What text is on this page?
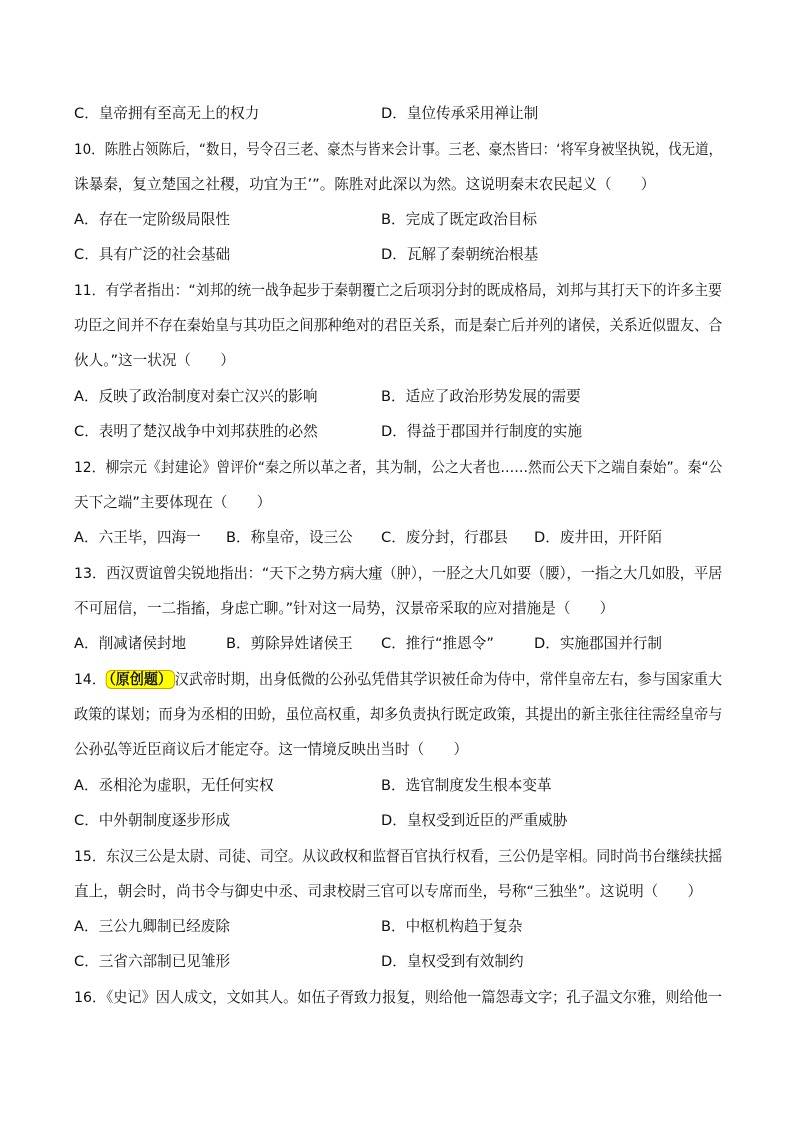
C．皇帝拥有至高无上的权力	D．皇位传承采用禅让制
10．陈胜占领陈后，“数日，号令召三老、豪杰与皆来会计事。三老、豪杰皆曰：‘将军身被坚执锐，伐无道，
诛暴秦，复立楚国之社稷，功宜为王’”。陈胜对此深以为然。这说明秦末农民起义（　　）
A．存在一定阶级局限性	B．完成了既定政治目标
C．具有广泛的社会基础	D．瓦解了秦朝统治根基
11．有学者指出：“刘邦的统一战争起步于秦朝覆亡之后项羽分封的既成格局，刘邦与其打天下的许多主要
功臣之间并不存在秦始皇与其功臣之间那种绝对的君臣关系，而是秦亡后并列的诸侯，关系近似盟友、合
伙人。”这一状况（　　）
A．反映了政治制度对秦亡汉兴的影响	B．适应了政治形势发展的需要
C．表明了楚汉战争中刘邦获胜的必然	D．得益于郡国并行制度的实施
12．柳宗元《封建论》曾评价“秦之所以革之者，其为制，公之大者也……然而公天下之端自秦始”。秦“公
天下之端”主要体现在（　　）
A．六王毕，四海一 B．称皇帝，设三公 C．废分封，行郡县 D．废井田，开阡陌
13．西汉贾谊曾尖锐地指出：“天下之势方病大瘇（肿），一胫之大几如要（腰），一指之大几如股，平居
不可屈信，一二指搐，身虑亡聊。”针对这一局势，汉景帝采取的应对措施是（　　）
A．削减诸侯封地	B．剪除异姓诸侯王 C．推行“推恩令”	D．实施郡国并行制
14． （原创题） 汉武帝时期，出身低微的公孙弘凭借其学识被任命为侍中，常伴皇帝左右，参与国家重大
政策的谋划；而身为丞相的田蚡，虽位高权重，却多负责执行既定政策，其提出的新主张往往需经皇帝与
公孙弘等近臣商议后才能定夺。这一情境反映出当时（　　）
A．丞相沦为虚职，无任何实权	B．选官制度发生根本变革
C．中外朝制度逐步形成	D．皇权受到近臣的严重威胁
15．东汉三公是太尉、司徒、司空。从议政权和监督百官执行权看，三公仍是宰相。同时尚书台继续扶摇
直上，朝会时，尚书令与御史中丞、司隶校尉三官可以专席而坐，号称“三独坐”。这说明（　　）
A．三公九卿制已经废除	B．中枢机构趋于复杂
C．三省六部制已见雏形	D．皇权受到有效制约
16．《史记》因人成文，文如其人。如伍子胥致力报复，则给他一篇怨毒文字；孔子温文尔雅，则给他一
